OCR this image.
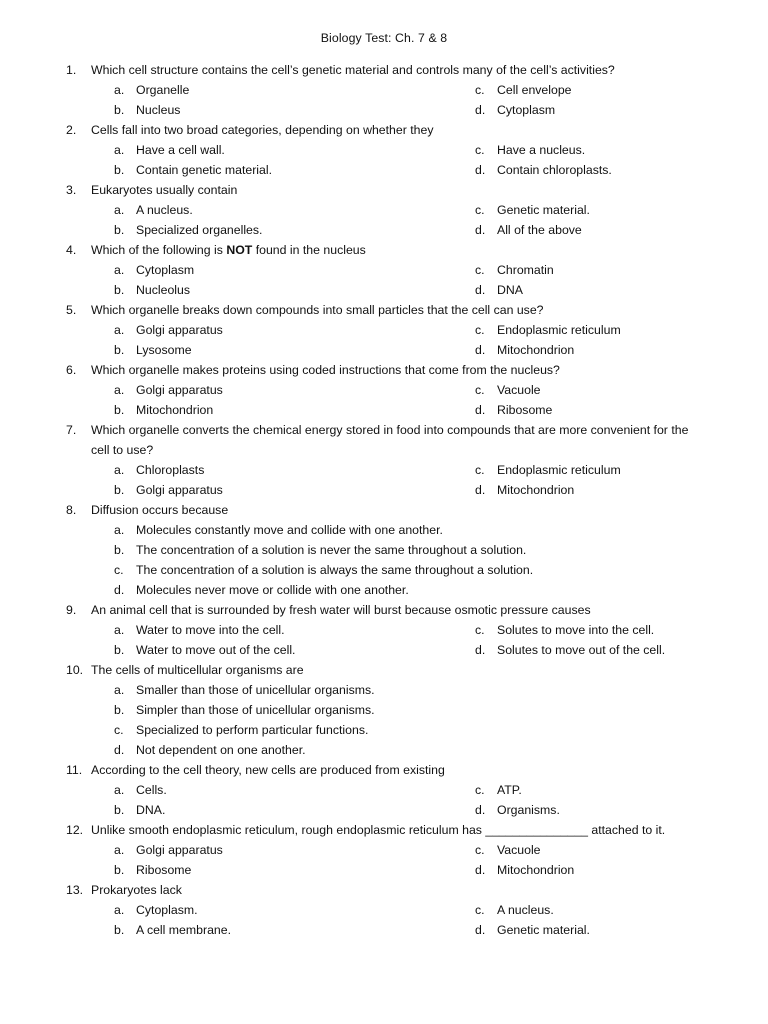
Biology Test: Ch. 7 & 8
1. Which cell structure contains the cell’s genetic material and controls many of the cell’s activities?
a. Organelle	c. Cell envelope
b. Nucleus	d. Cytoplasm
2. Cells fall into two broad categories, depending on whether they
a.Have a cell wall.	c. Have a nucleus.
b. Contain genetic material.	d. Contain chloroplasts.
3. Eukaryotes usually contain
a.A nucleus.	c. Genetic material.
b. Specialized organelles.	d. All of the above
4. Which of the following is NOT found in the nucleus
a.Cytoplasm	c. Chromatin
b. Nucleolus	d. DNA
5. Which organelle breaks down compounds into small particles that the cell can use?
a. Golgi apparatus	c. Endoplasmic reticulum
b. Lysosome	d. Mitochondrion
6. Which organelle makes proteins using coded instructions that come from the nucleus?
a. Golgi apparatus	c. Vacuole
b. Mitochondrion	d. Ribosome
7. Which organelle converts the chemical energy stored in food into compounds that are more convenient for the
cell to use?
a.Chloroplasts	c. Endoplasmic reticulum
b. Golgi apparatus	d. Mitochondrion
8. Diffusion occurs because
a.Molecules constantly move and collide with one another.
b. The concentration of a solution is never the same throughout a solution.
c. The concentration of a solution is always the same throughout a solution.
d. Molecules never move or collide with one another.
9. An animal cell that is surrounded by fresh water will burst because osmotic pressure causes
a.Water to move into the cell.	c. Solutes to move into the cell.
b. Water to move out of the cell.	d. Solutes to move out of the cell.
10. The cells of multicellular organisms are
a.Smaller than those of unicellular organisms.
b. Simpler than those of unicellular organisms.
c. Specialized to perform particular functions.
d. Not dependent on one another.
11. According to the cell theory, new cells are produced from existing
a.Cells.	c.ATP.
b. DNA.	d. Organisms.
12. Unlike smooth endoplasmic reticulum, rough endoplasmic reticulum has _______________ attached to it.
a.Golgi apparatus	c. Vacuole
b. Ribosome	d. Mitochondrion
13. Prokaryotes lack
a. Cytoplasm.	c.A nucleus.
b. A cell membrane.	d. Genetic material.
